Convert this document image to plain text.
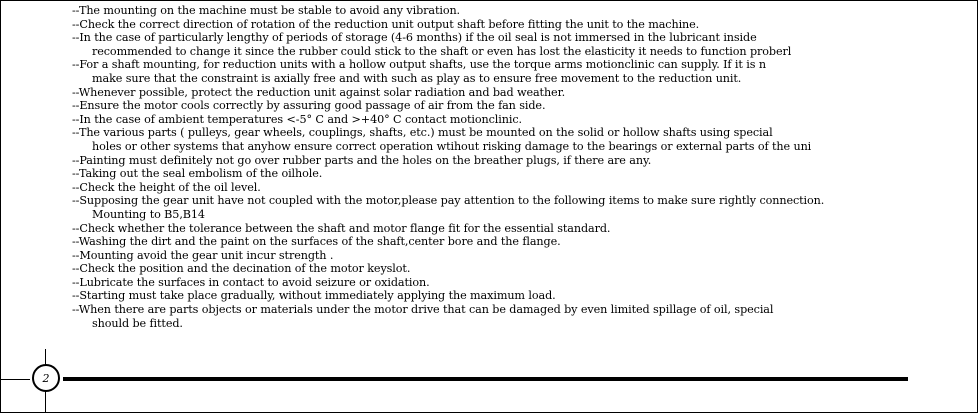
--The mounting on the machine must be stable to avoid any vibration.
--Check the correct direction of rotation of the reduction unit output shaft before fitting the unit to the machine.
--In the case of particularly lengthy of periods of storage (4-6 months) if the oil seal is not immersed in the lubricant inside
recommended to change it since the rubber could stick to the shaft or even has lost the elasticity it needs to function proberl
--For a shaft mounting, for reduction units with a hollow output shafts, use the torque arms motionclinic can supply. If it is n
make sure that the constraint is axially free and with such as play as to ensure free movement to the reduction unit.
--Whenever possible, protect the reduction unit against solar radiation and bad weather.
--Ensure the motor cools correctly by assuring good passage of air from the fan side.
--In the case of ambient temperatures <-5° C and >+40° C contact motionclinic.
--The various parts ( pulleys, gear wheels, couplings, shafts, etc.) must be mounted on the solid or hollow shafts using special
holes or other systems that anyhow ensure correct operation wtihout risking damage to the bearings or external parts of the uni
--Painting must definitely not go over rubber parts and the holes on the breather plugs, if there are any.
--Taking out the seal embolism of the oilhole.
--Check the height of the oil level.
--Supposing the gear unit have not coupled with the motor,please pay attention to the following items to make sure rightly connection.
Mounting to B5,B14
--Check whether the tolerance between the shaft and motor flange fit for the essential standard.
--Washing the dirt and the paint on the surfaces of the shaft,center bore and the flange.
--Mounting avoid the gear unit incur strength .
--Check the position and the decination of the motor keyslot.
--Lubricate the surfaces in contact to avoid seizure or oxidation.
--Starting must take place gradually, without immediately applying the maximum load.
--When there are parts objects or materials under the motor drive that can be damaged by even limited spillage of oil, special
should be fitted.
2
